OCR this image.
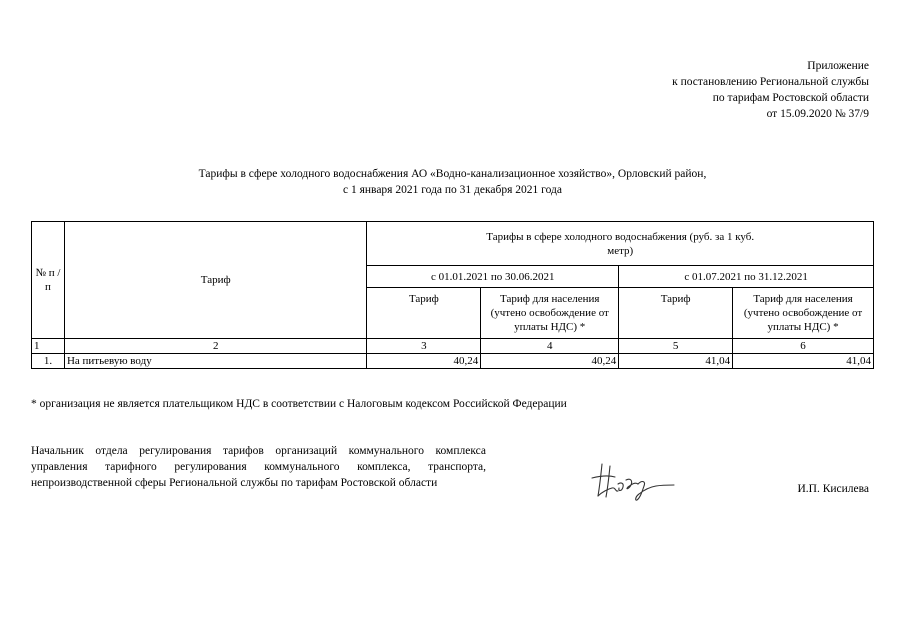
Приложение
к постановлению Региональной службы
по тарифам Ростовской области
от 15.09.2020 № 37/9
Тарифы в сфере холодного водоснабжения АО «Водно-канализационное хозяйство», Орловский район,
с 1 января 2021 года по 31 декабря 2021 года
№ п /п	Тариф	Тарифы в сфере холодного водоснабжения (руб. за 1 куб. метр)			
		с 01.01.2021 по 30.06.2021		с 01.07.2021 по 31.12.2021	
		Тариф	Тариф для населения (учтено освобождение от уплаты НДС) *	Тариф	Тариф для населения (учтено освобождение от уплаты НДС) *
1	2	3	4	5	6
1.	На питьевую воду	40,24	40,24	41,04	41,04
* организация не является плательщиком НДС в соответствии с Налоговым кодексом Российской Федерации
Начальник отдела регулирования тарифов организаций коммунального комплекса
управления тарифного регулирования коммунального комплекса, транспорта,
непроизводственной сферы Региональной службы по тарифам Ростовской области	И.П. Кисилева
